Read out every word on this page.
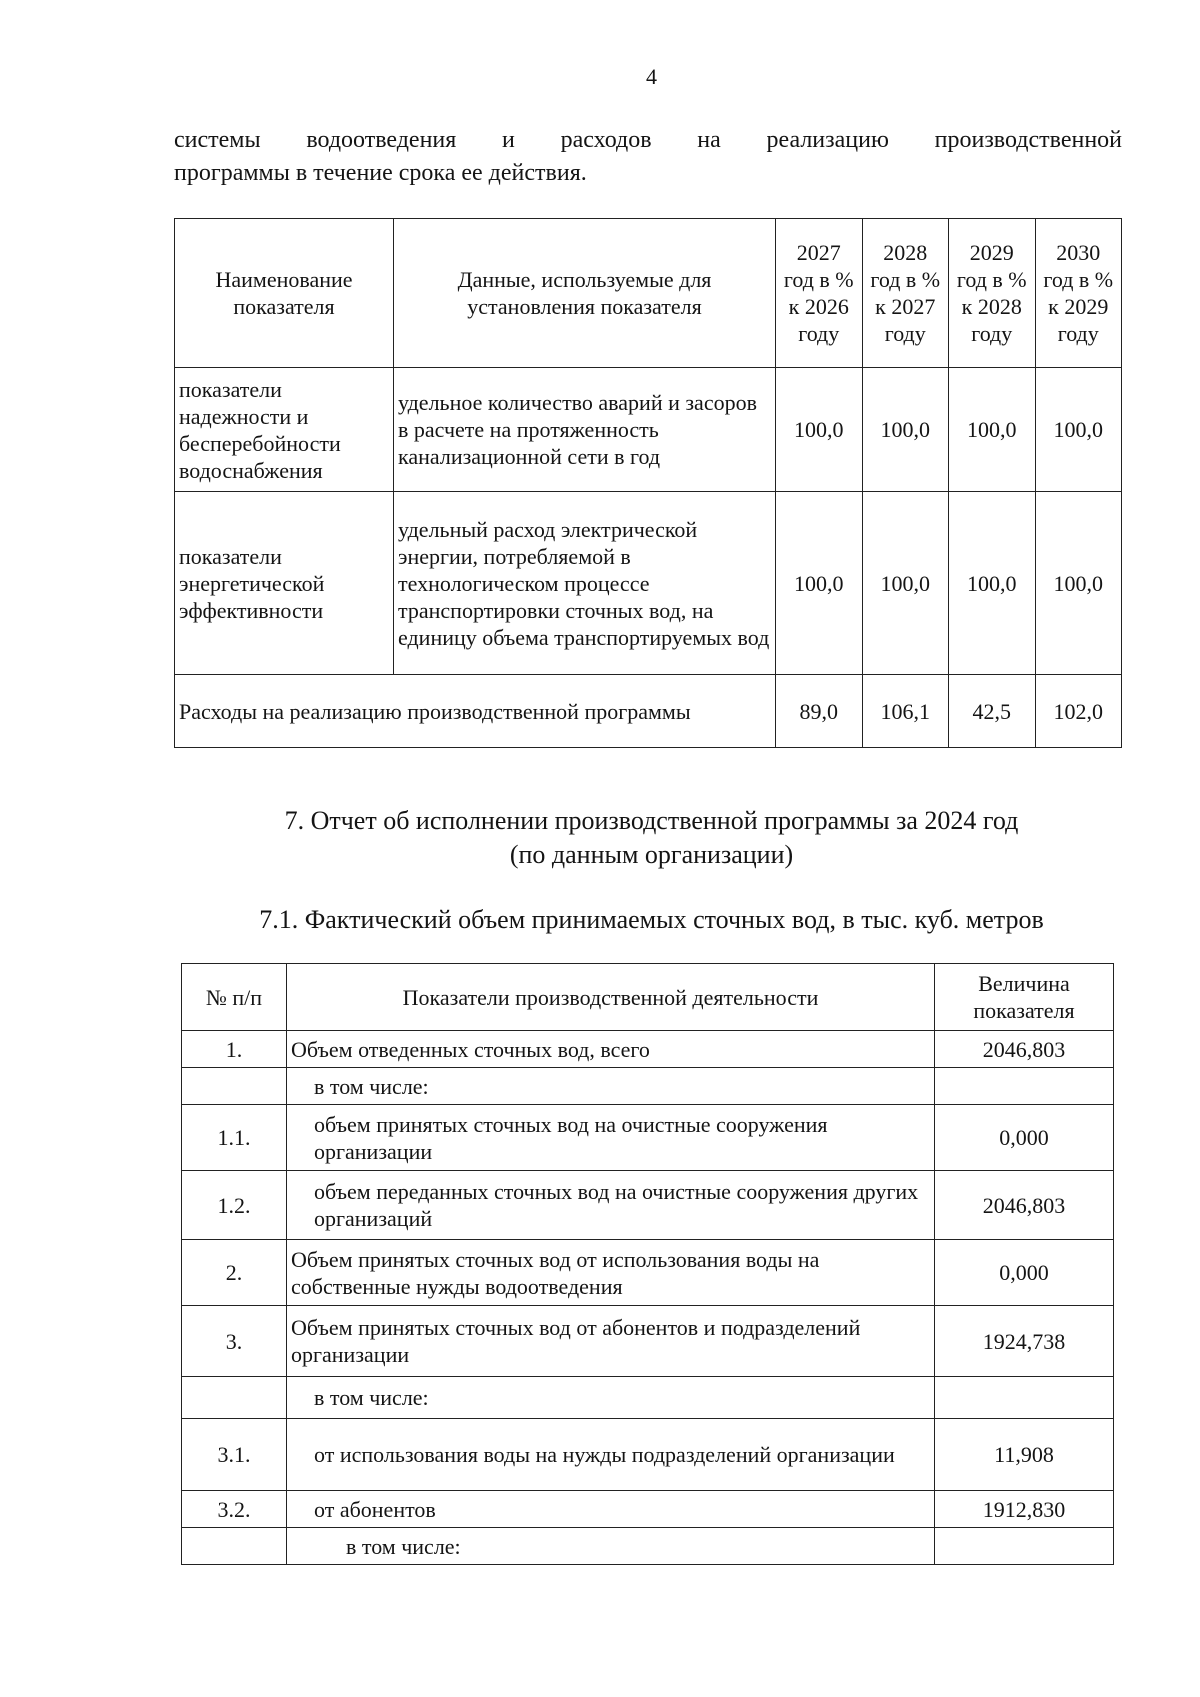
4
системы водоотведения и расходов на реализацию производственной
программы в течение срока ее действия.
Наименование показателя	Данные, используемые для установления показателя	2027 год в % к 2026 году	2028 год в % к 2027 году	2029 год в % к 2028 году	2030 год в % к 2029 году
показатели надежности и бесперебойности водоснабжения	удельное количество аварий и засоров в расчете на протяженность канализационной сети в год	100,0	100,0	100,0	100,0
показатели энергетической эффективности	удельный расход электрической энергии, потребляемой в технологическом процессе транспортировки сточных вод, на единицу объема транспортируемых вод	100,0	100,0	100,0	100,0
Расходы на реализацию производственной программы		89,0	106,1	42,5	102,0
7. Отчет об исполнении производственной программы за 2024 год
(по данным организации)
7.1. Фактический объем принимаемых сточных вод, в тыс. куб. метров
№ п/п	Показатели производственной деятельности	Величина показателя
1.	Объем отведенных сточных вод, всего	2046,803
	в том числе:	
1.1.	объем принятых сточных вод на очистные сооружения организации	0,000
1.2.	объем переданных сточных вод на очистные сооружения других организаций	2046,803
2.	Объем принятых сточных вод от использования воды на собственные нужды водоотведения	0,000
3.	Объем принятых сточных вод от абонентов и подразделений организации	1924,738
	в том числе:	
3.1.	от использования воды на нужды подразделений организации	11,908
3.2.	от абонентов	1912,830
	в том числе:	
